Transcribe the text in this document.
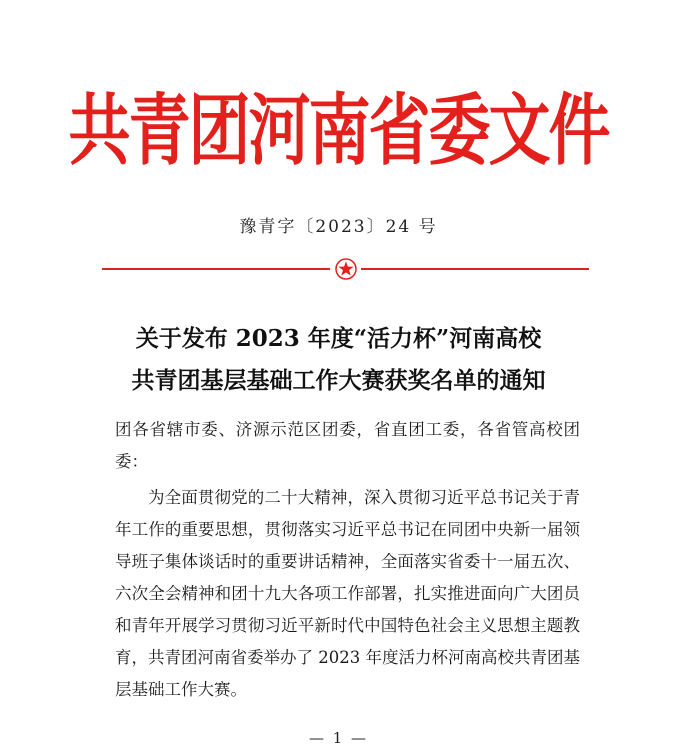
共青团河南省委文件
豫青字〔2023〕24 号
关于发布 2023 年度“活力杯”河南高校
共青团基层基础工作大赛获奖名单的通知
团各省辖市委、济源示范区团委，省直团工委，各省管高校团委：
为全面贯彻党的二十大精神，深入贯彻习近平总书记关于青年工作的重要思想，贯彻落实习近平总书记在同团中央新一届领导班子集体谈话时的重要讲话精神，全面落实省委十一届五次、六次全会精神和团十九大各项工作部署，扎实推进面向广大团员和青年开展学习贯彻习近平新时代中国特色社会主义思想主题教育，共青团河南省委举办了 2023 年度活力杯河南高校共青团基层基础工作大赛。
— 1 —
